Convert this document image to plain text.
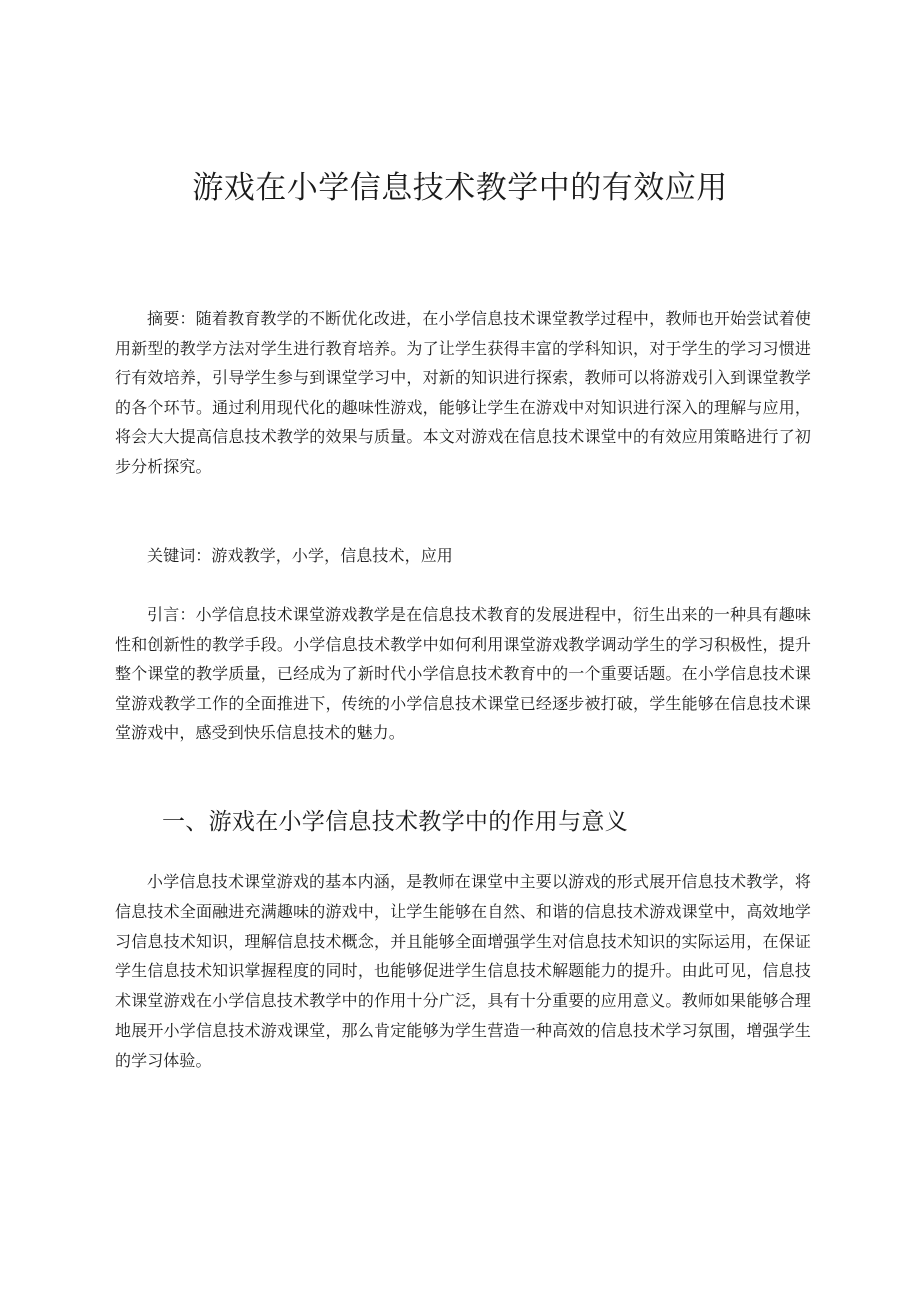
游戏在小学信息技术教学中的有效应用

摘要：随着教育教学的不断优化改进，在小学信息技术课堂教学过程中，教师也开始尝试着使用新型的教学方法对学生进行教育培养。为了让学生获得丰富的学科知识，对于学生的学习习惯进行有效培养，引导学生参与到课堂学习中，对新的知识进行探索，教师可以将游戏引入到课堂教学的各个环节。通过利用现代化的趣味性游戏，能够让学生在游戏中对知识进行深入的理解与应用，将会大大提高信息技术教学的效果与质量。本文对游戏在信息技术课堂中的有效应用策略进行了初步分析探究。

关键词：游戏教学，小学，信息技术，应用

引言：小学信息技术课堂游戏教学是在信息技术教育的发展进程中，衍生出来的一种具有趣味性和创新性的教学手段。小学信息技术教学中如何利用课堂游戏教学调动学生的学习积极性，提升整个课堂的教学质量，已经成为了新时代小学信息技术教育中的一个重要话题。在小学信息技术课堂游戏教学工作的全面推进下，传统的小学信息技术课堂已经逐步被打破，学生能够在信息技术课堂游戏中，感受到快乐信息技术的魅力。

一、游戏在小学信息技术教学中的作用与意义

小学信息技术课堂游戏的基本内涵，是教师在课堂中主要以游戏的形式展开信息技术教学，将信息技术全面融进充满趣味的游戏中，让学生能够在自然、和谐的信息技术游戏课堂中，高效地学习信息技术知识，理解信息技术概念，并且能够全面增强学生对信息技术知识的实际运用，在保证学生信息技术知识掌握程度的同时，也能够促进学生信息技术解题能力的提升。由此可见，信息技术课堂游戏在小学信息技术教学中的作用十分广泛，具有十分重要的应用意义。教师如果能够合理地展开小学信息技术游戏课堂，那么肯定能够为学生营造一种高效的信息技术学习氛围，增强学生的学习体验。
